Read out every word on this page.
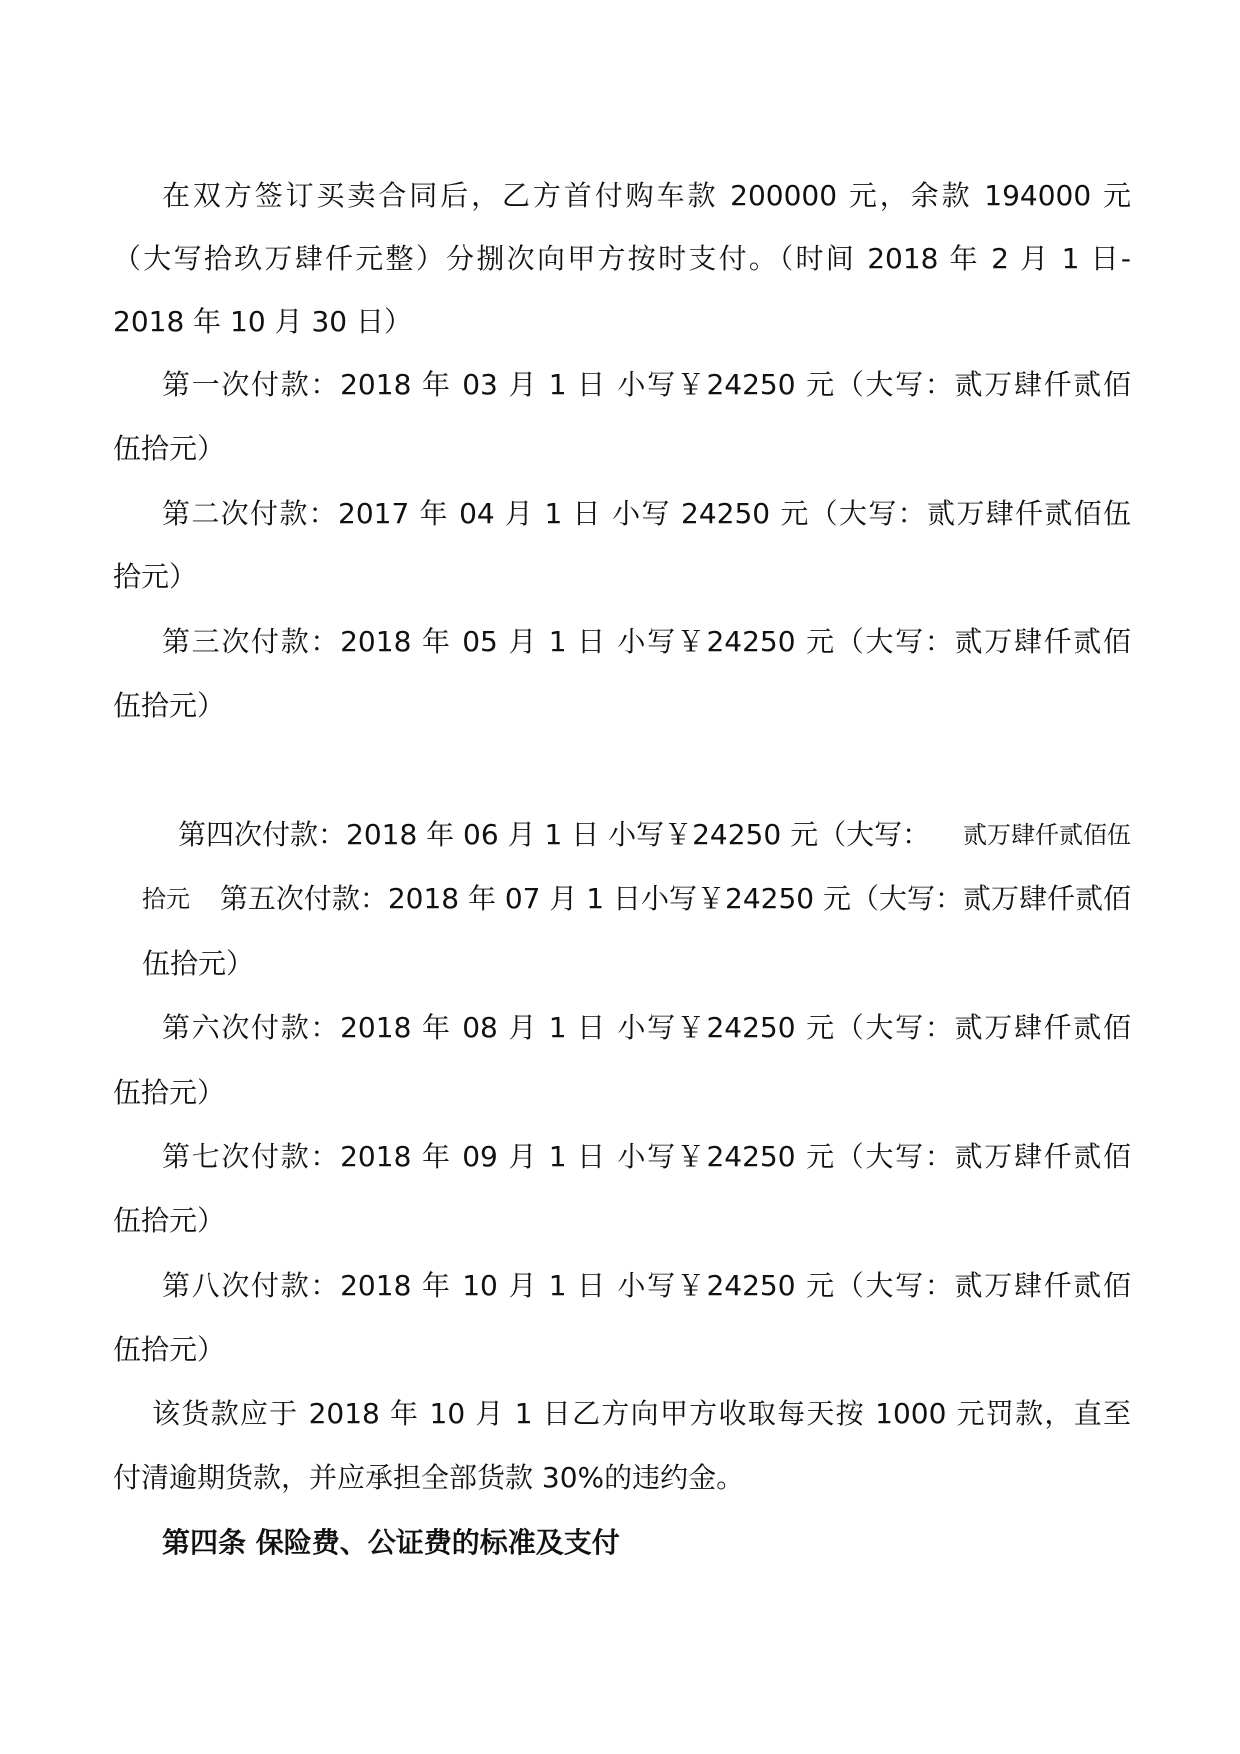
在双方签订买卖合同后，乙方首付购车款 200000 元，余款 194000 元

（大写拾玖万肆仟元整）分捌次向甲方按时支付。（时间 2018 年 2 月 1 日-

2018 年 10 月 30 日）

第一次付款：2018 年 03 月 1 日 小写￥24250 元（大写：贰万肆仟贰佰

伍拾元）

第二次付款：2017 年 04 月 1 日 小写 24250 元（大写：贰万肆仟贰佰伍

拾元）

第三次付款：2018 年 05 月 1 日 小写￥24250 元（大写：贰万肆仟贰佰

伍拾元）

第四次付款：2018 年 06 月 1 日 小写￥24250 元（大写： 贰万肆仟贰佰伍

拾元 第五次付款：2018 年 07 月 1 日小写￥24250 元（大写：贰万肆仟贰佰

伍拾元）

第六次付款：2018 年 08 月 1 日 小写￥24250 元（大写：贰万肆仟贰佰

伍拾元）

第七次付款：2018 年 09 月 1 日 小写￥24250 元（大写：贰万肆仟贰佰

伍拾元）

第八次付款：2018 年 10 月 1 日 小写￥24250 元（大写：贰万肆仟贰佰

伍拾元）

该货款应于 2018 年 10 月 1 日乙方向甲方收取每天按 1000 元罚款，直至

付清逾期货款，并应承担全部货款 30%的违约金。

第四条 保险费、公证费的标准及支付
